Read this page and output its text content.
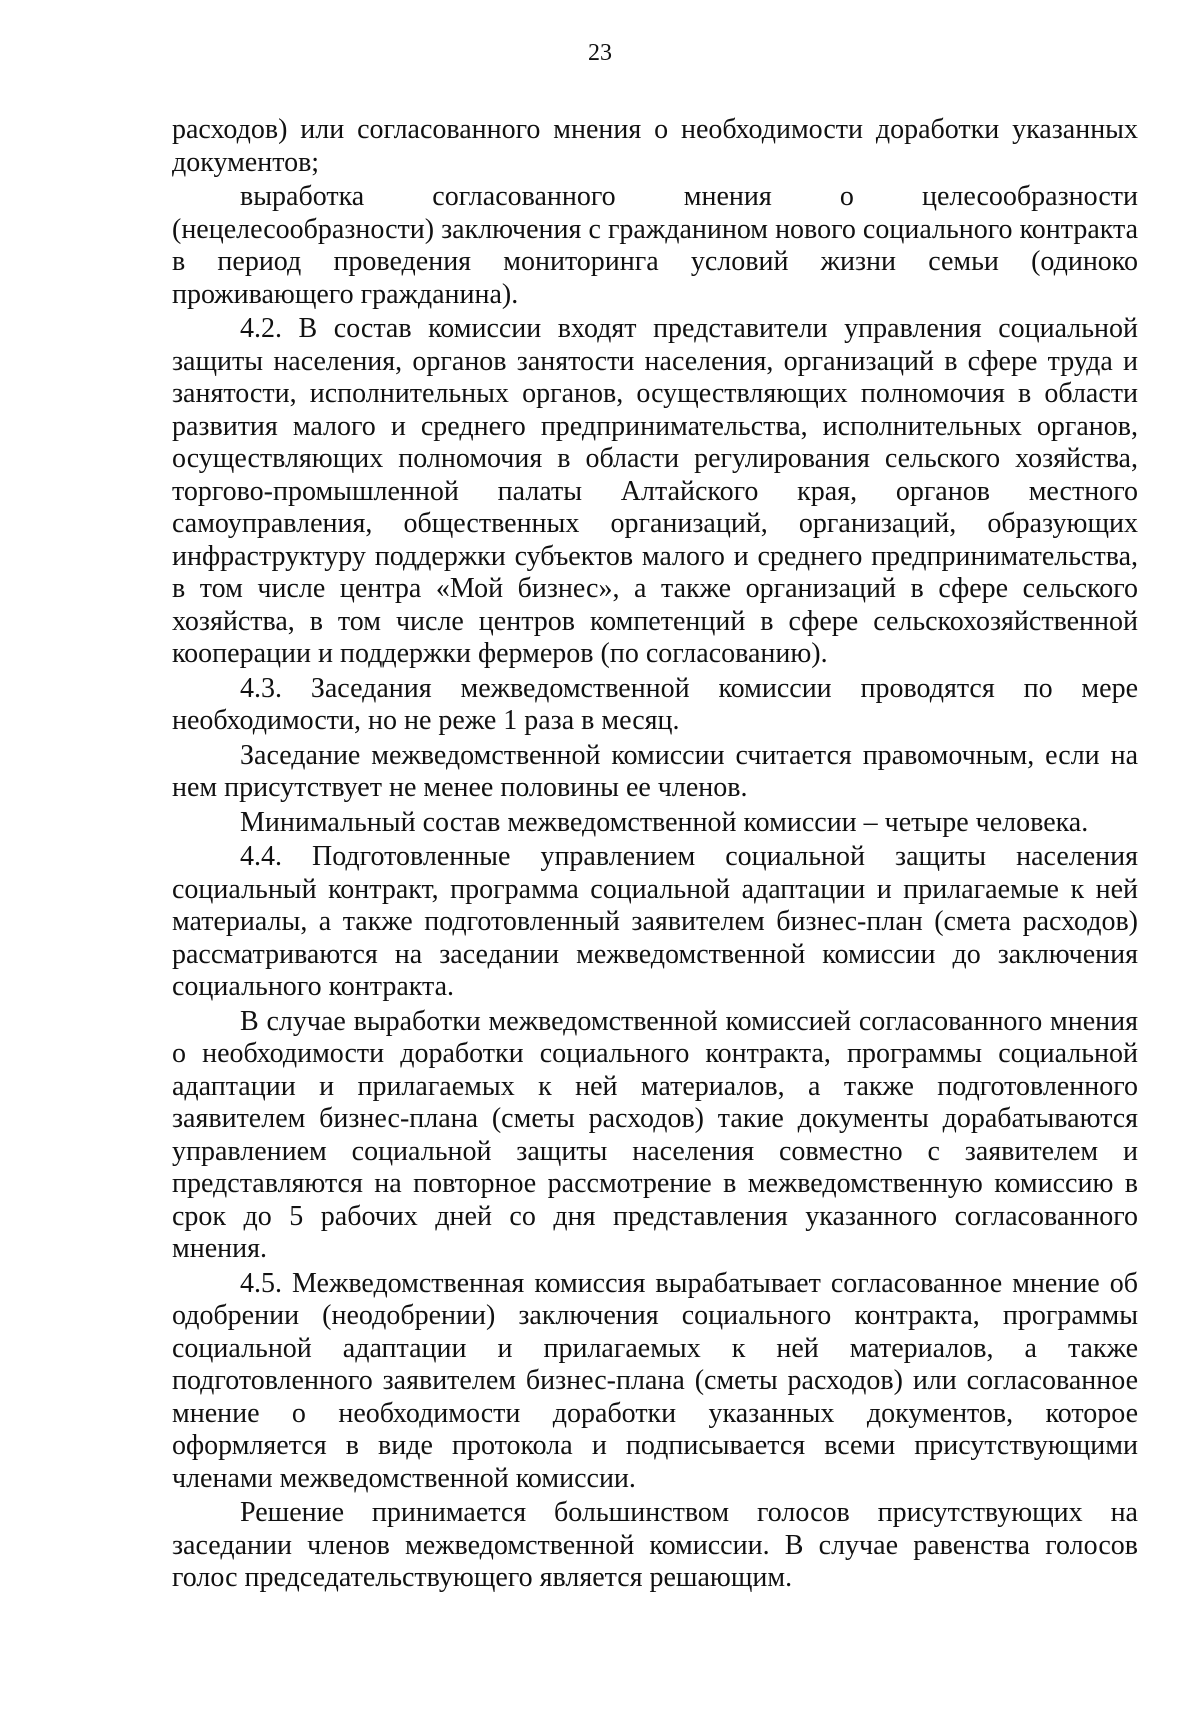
23

расходов) или согласованного мнения о необходимости доработки указанных документов;

выработка согласованного мнения о целесообразности (нецелесообразности) заключения с гражданином нового социального контракта в период проведения мониторинга условий жизни семьи (одиноко проживающего гражданина).

4.2. В состав комиссии входят представители управления социальной защиты населения, органов занятости населения, организаций в сфере труда и занятости, исполнительных органов, осуществляющих полномочия в области развития малого и среднего предпринимательства, исполнительных органов, осуществляющих полномочия в области регулирования сельского хозяйства, торгово-промышленной палаты Алтайского края, органов местного самоуправления, общественных организаций, организаций, образующих инфраструктуру поддержки субъектов малого и среднего предпринимательства, в том числе центра «Мой бизнес», а также организаций в сфере сельского хозяйства, в том числе центров компетенций в сфере сельскохозяйственной кооперации и поддержки фермеров (по согласованию).

4.3. Заседания межведомственной комиссии проводятся по мере необходимости, но не реже 1 раза в месяц.

Заседание межведомственной комиссии считается правомочным, если на нем присутствует не менее половины ее членов.

Минимальный состав межведомственной комиссии – четыре человека.

4.4. Подготовленные управлением социальной защиты населения социальный контракт, программа социальной адаптации и прилагаемые к ней материалы, а также подготовленный заявителем бизнес-план (смета расходов) рассматриваются на заседании межведомственной комиссии до заключения социального контракта.

В случае выработки межведомственной комиссией согласованного мнения о необходимости доработки социального контракта, программы социальной адаптации и прилагаемых к ней материалов, а также подготовленного заявителем бизнес-плана (сметы расходов) такие документы дорабатываются управлением социальной защиты населения совместно с заявителем и представляются на повторное рассмотрение в межведомственную комиссию в срок до 5 рабочих дней со дня представления указанного согласованного мнения.

4.5. Межведомственная комиссия вырабатывает согласованное мнение об одобрении (неодобрении) заключения социального контракта, программы социальной адаптации и прилагаемых к ней материалов, а также подготовленного заявителем бизнес-плана (сметы расходов) или согласованное мнение о необходимости доработки указанных документов, которое оформляется в виде протокола и подписывается всеми присутствующими членами межведомственной комиссии.

Решение принимается большинством голосов присутствующих на заседании членов межведомственной комиссии. В случае равенства голосов голос председательствующего является решающим.
